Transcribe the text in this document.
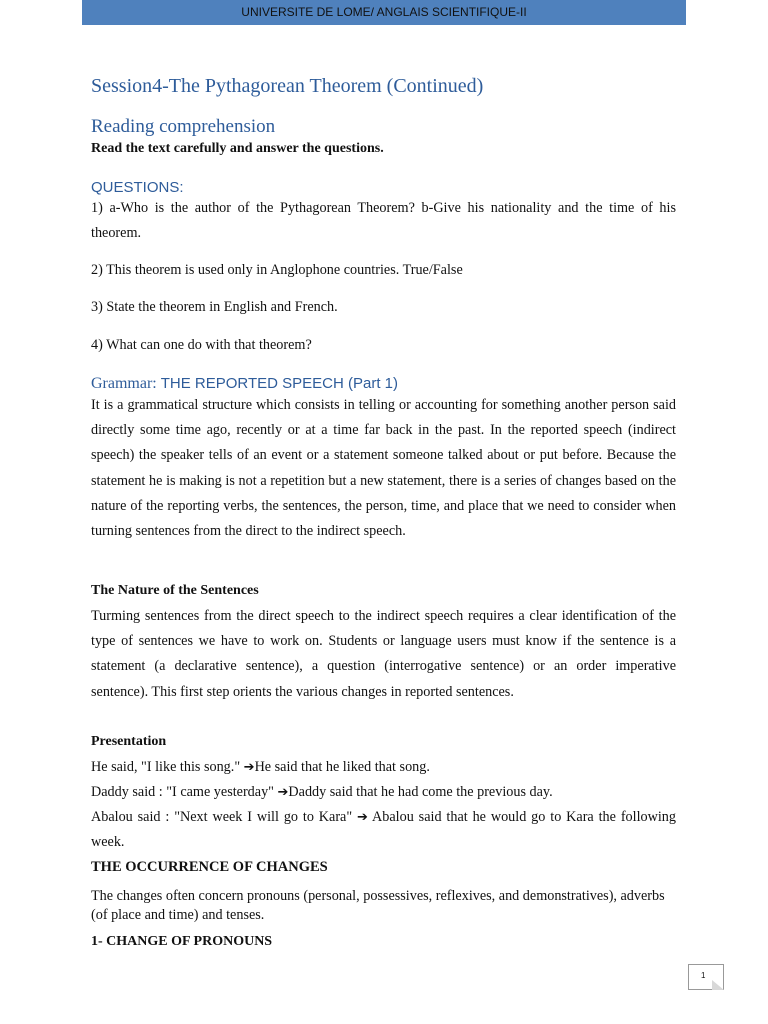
UNIVERSITE DE LOME/ ANGLAIS SCIENTIFIQUE-II
Session4-The Pythagorean Theorem (Continued)
Reading comprehension
Read the text carefully and answer the questions.
QUESTIONS:
1) a-Who is the author of the Pythagorean Theorem? b-Give his nationality and the time of his theorem.
2) This theorem is used only in Anglophone countries. True/False
3) State the theorem in English and French.
4) What can one do with that theorem?
Grammar: THE REPORTED SPEECH (Part 1)
It is a grammatical structure which consists in telling or accounting for something another person said directly some time ago, recently or at a time far back in the past. In the reported speech (indirect speech) the speaker tells of an event or a statement someone talked about or put before. Because the statement he is making is not a repetition but a new statement, there is a series of changes based on the nature of the reporting verbs, the sentences, the person, time, and place that we need to consider when turning sentences from the direct to the indirect speech.
The Nature of the Sentences
Turming sentences from the direct speech to the indirect speech requires a clear identification of the type of sentences we have to work on. Students or language users must know if the sentence is a statement (a declarative sentence), a question (interrogative sentence) or an order imperative sentence). This first step orients the various changes in reported sentences.
Presentation
He said, "I like this song." ➔He said that he liked that song.
Daddy said : "I came yesterday" ➔Daddy said that he had come the previous day.
Abalou said : "Next week I will go to Kara" ➔ Abalou said that he would go to Kara the following week.
THE OCCURRENCE OF CHANGES
The changes often concern pronouns (personal, possessives, reflexives, and demonstratives), adverbs (of place and time) and tenses.
1- CHANGE OF PRONOUNS
1
